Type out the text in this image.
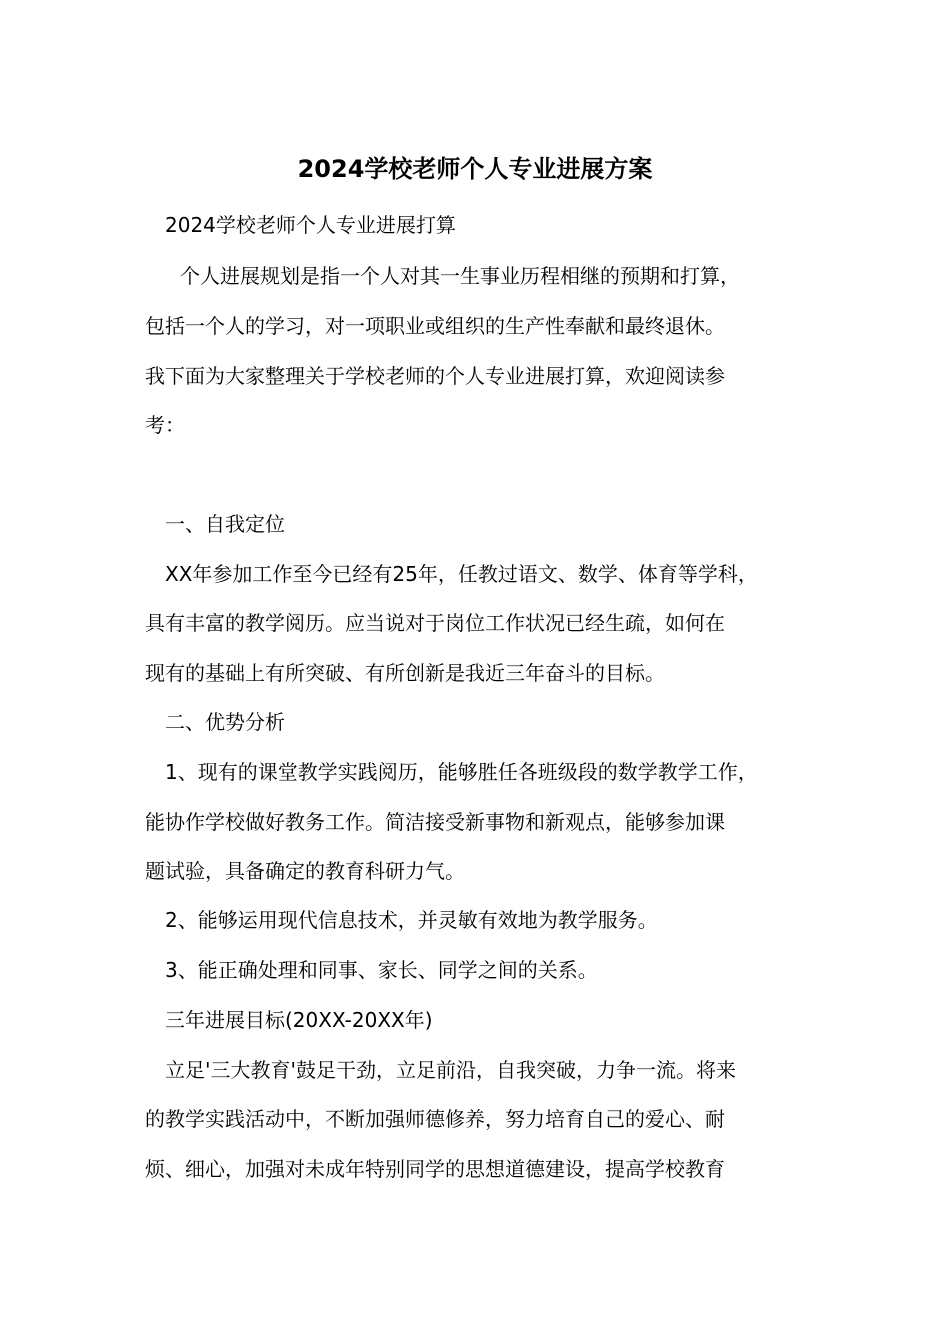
2024学校老师个人专业进展方案

2024学校老师个人专业进展打算

个人进展规划是指一个人对其一生事业历程相继的预期和打算，

包括一个人的学习，对一项职业或组织的生产性奉献和最终退休。

我下面为大家整理关于学校老师的个人专业进展打算，欢迎阅读参

考：

一、自我定位

XX年参加工作至今已经有25年，任教过语文、数学、体育等学科，

具有丰富的教学阅历。应当说对于岗位工作状况已经生疏，如何在

现有的基础上有所突破、有所创新是我近三年奋斗的目标。

二、优势分析

1、现有的课堂教学实践阅历，能够胜任各班级段的数学教学工作，

能协作学校做好教务工作。简洁接受新事物和新观点，能够参加课

题试验，具备确定的教育科研力气。

2、能够运用现代信息技术，并灵敏有效地为教学服务。

3、能正确处理和同事、家长、同学之间的关系。

三年进展目标(20XX-20XX年)

立足'三大教育'鼓足干劲，立足前沿，自我突破，力争一流。将来

的教学实践活动中，不断加强师德修养，努力培育自己的爱心、耐

烦、细心，加强对未成年特别同学的思想道德建设，提高学校教育
